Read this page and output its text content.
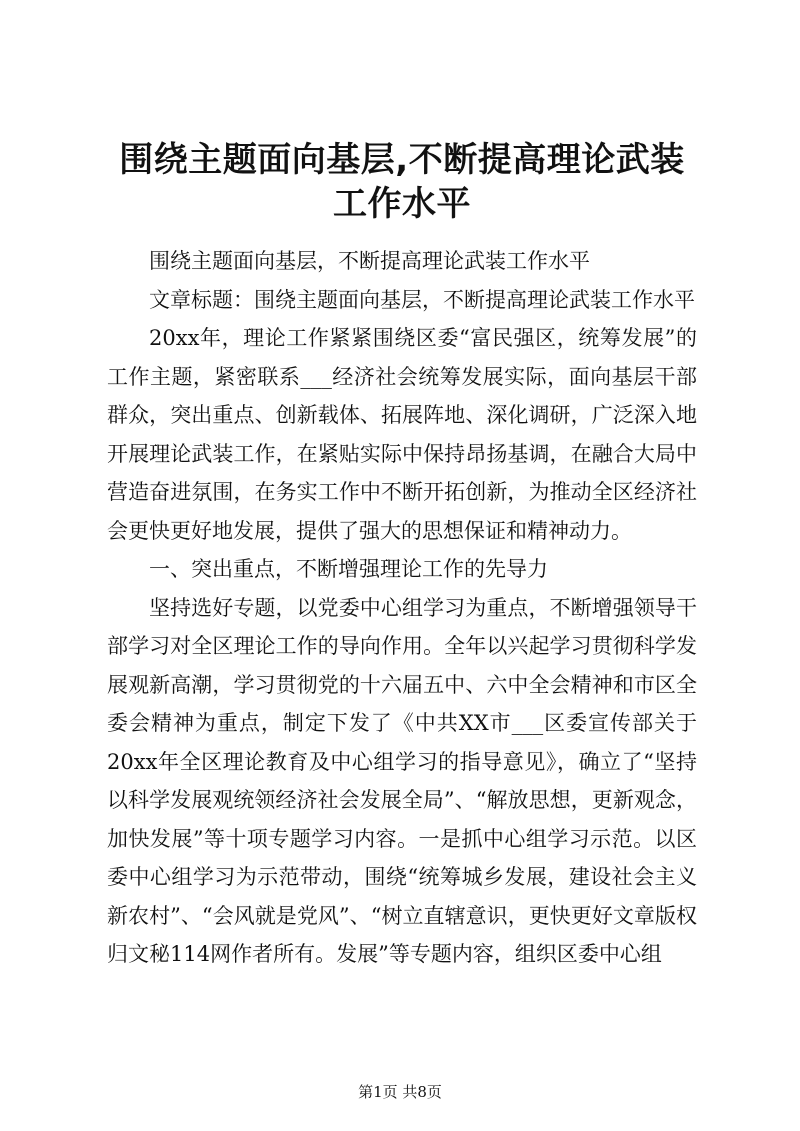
围绕主题面向基层,不断提高理论武装工作水平

围绕主题面向基层，不断提高理论武装工作水平

文章标题：围绕主题面向基层，不断提高理论武装工作水平

20xx年，理论工作紧紧围绕区委“富民强区，统筹发展”的工作主题，紧密联系___经济社会统筹发展实际，面向基层干部群众，突出重点、创新载体、拓展阵地、深化调研，广泛深入地开展理论武装工作，在紧贴实际中保持昂扬基调，在融合大局中营造奋进氛围，在务实工作中不断开拓创新，为推动全区经济社会更快更好地发展，提供了强大的思想保证和精神动力。

一、突出重点，不断增强理论工作的先导力

坚持选好专题，以党委中心组学习为重点，不断增强领导干部学习对全区理论工作的导向作用。全年以兴起学习贯彻科学发展观新高潮，学习贯彻党的十六届五中、六中全会精神和市区全委会精神为重点，制定下发了《中共XX市___区委宣传部关于20xx年全区理论教育及中心组学习的指导意见》，确立了“坚持以科学发展观统领经济社会发展全局”、“解放思想，更新观念，加快发展”等十项专题学习内容。一是抓中心组学习示范。以区委中心组学习为示范带动，围绕“统筹城乡发展，建设社会主义新农村”、“会风就是党风”、“树立直辖意识，更快更好文章版权归文秘114网作者所有。发展”等专题内容，组织区委中心组

第1页 共8页
